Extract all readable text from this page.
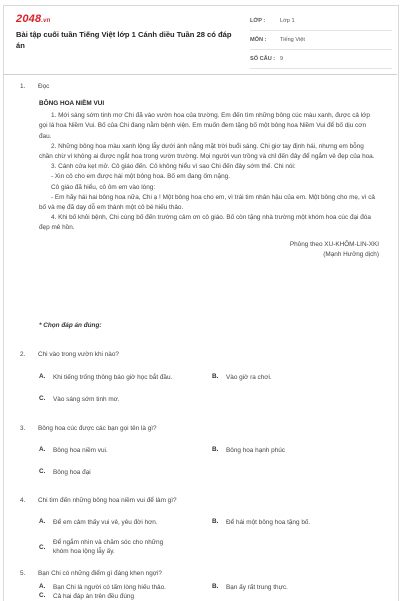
2048.vn
Bài tập cuối tuần Tiếng Việt lớp 1 Cánh diều Tuần 28 có đáp án
LỚP :	Lớp 1
MÔN :	Tiếng Việt
SỐ CÂU : 9
1. Đọc

BÔNG HOA NIỀM VUI

1. Mới sáng sớm tinh mơ Chi đã vào vườn hoa của trường. Em đến tìm những bông cúc màu xanh, được cả lớp gọi là hoa Niềm Vui. Bố của Chi đang nằm bệnh viện. Em muốn đem tặng bố một bông hoa Niềm Vui để bố dịu cơn đau.

2. Những bông hoa màu xanh lộng lẫy dưới ánh nắng mặt trời buổi sáng. Chi giơ tay định hái, nhưng em bỗng chần chừ vì không ai được ngắt hoa trong vườn trường. Mọi người vun trồng và chỉ đến đây để ngắm vẻ đẹp của hoa.

3. Cánh cửa kẹt mở. Cô giáo đến. Cô không hiểu vì sao Chi đến đây sớm thế. Chi nói:

- Xin cô cho em được hái một bông hoa. Bố em đang ốm nặng.

Cô giáo đã hiểu, cô ôm em vào lòng:

- Em hãy hái hai bông hoa nữa, Chi ạ ! Một bông hoa cho em, vì trái tim nhân hậu của em. Một bông cho mẹ, vì cả bố và mẹ đã dạy dỗ em thành một cô bé hiếu thảo.

4. Khi bố khỏi bệnh, Chi cùng bố đến trường cảm ơn cô giáo. Bố còn tặng nhà trường một khóm hoa cúc đại đóa đẹp mê hồn.

Phỏng theo XU-KHÔM-LIN-XKI

(Mạnh Hưởng dịch)

* Chọn đáp án đúng:
2. Chi vào trong vườn khi nào?
A.	Khi tiếng trống thông báo giờ học bắt đầu.	B.	Vào giờ ra chơi.
C.	Vào sáng sớm tinh mơ.
3. Bông hoa cúc được các bạn gọi tên là gì?
A.	Bông hoa niềm vui.	B.	Bông hoa hạnh phúc
C.	Bông hoa đại
4. Chi tìm đến những bông hoa niềm vui để làm gì?
A.	Để em cảm thấy vui vẻ, yêu đời hơn.	B.	Để hái một bông hoa tặng bố.
C.
Để ngắm nhìn và chăm sóc cho những khóm hoa lộng lẫy ấy.
5. Bạn Chi có những điểm gì đáng khen ngợi?
A.	Bạn Chi là người có tấm lòng hiếu thảo.	B.	Bạn ấy rất trung thực.
C.	Cả hai đáp án trên đều đúng
